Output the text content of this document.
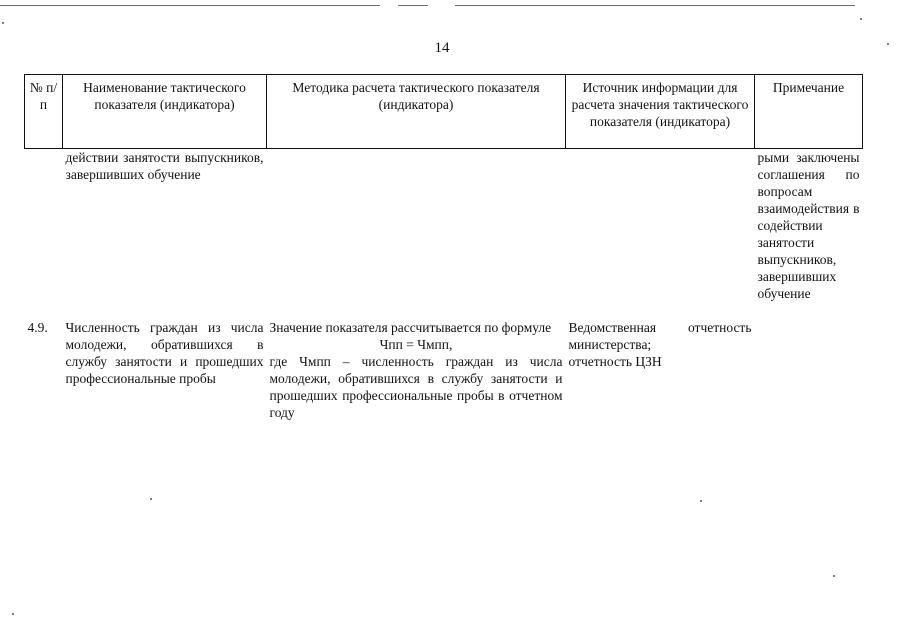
14
№ п/п	Наименование тактического показателя (индикатора)	Методика расчета тактического показателя (индикатора)	Источник информации для расчета значения тактического показателя (индикатора)	Примечание
	действии занятости выпускников, завершивших обучение			рыми заключены соглашения по вопросам взаимодействия в содействии занятости выпускников, завершивших обучение

4.9.	Численность граждан из числа молодежи, обратившихся в службу занятости и прошедших профессиональные пробы	Значение показателя рассчитывается по формуле
Чпп = Чмпп,
где Чмпп – численность граждан из числа молодежи, обратившихся в службу занятости и прошедших профессиональные пробы в отчетном году	Ведомственная отчетность министерства;
отчетность ЦЗН	
